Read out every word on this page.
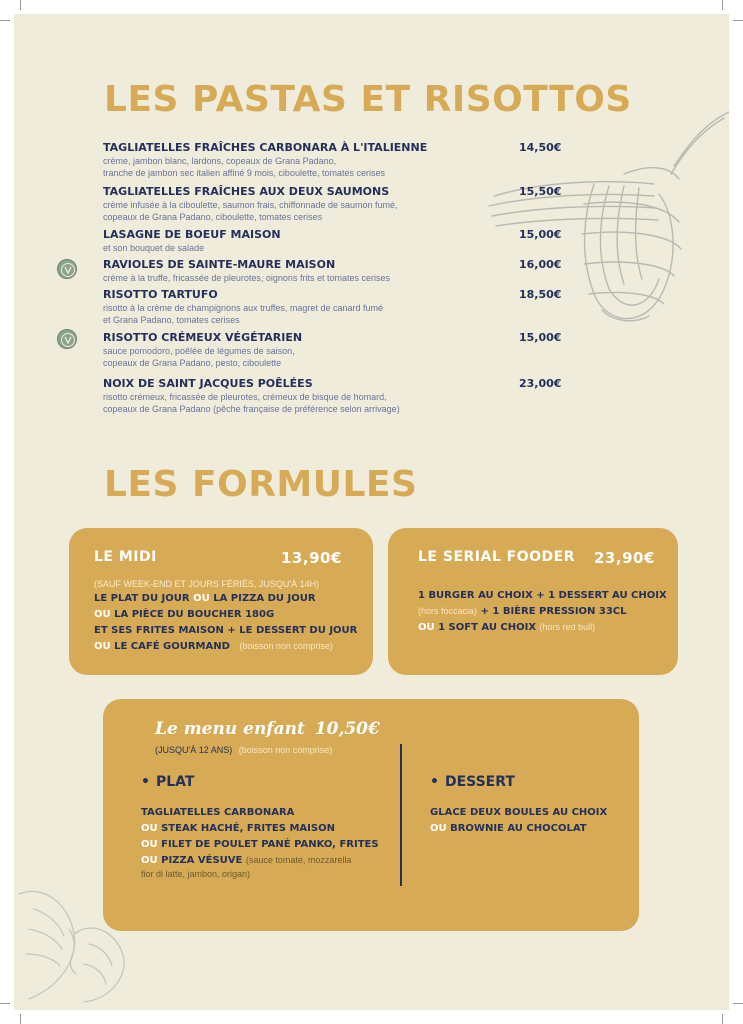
LES PASTAS ET RISOTTOS
TAGLIATELLES FRAÎCHES CARBONARA À L'ITALIENNE
crème, jambon blanc, lardons, copeaux de Grana Padano,
tranche de jambon sec italien affiné 9 mois, ciboulette, tomates cerises
14,50€
TAGLIATELLES FRAÎCHES AUX DEUX SAUMONS
crème infusée à la ciboulette, saumon frais, chiffonnade de saumon fumé,
copeaux de Grana Padano, ciboulette, tomates cerises
15,50€
LASAGNE DE BOEUF MAISON
et son bouquet de salade
15,00€
RAVIOLES DE SAINTE-MAURE MAISON
crème à la truffe, fricassée de pleurotes, oignons frits et tomates cerises
16,00€
RISOTTO TARTUFO
risotto à la crème de champignons aux truffes, magret de canard fumé
et Grana Padano, tomates cerises
18,50€
RISOTTO CRÉMEUX VÉGÉTARIEN
sauce pomodoro, poêlée de légumes de saison,
copeaux de Grana Padano, pesto, ciboulette
15,00€
NOIX DE SAINT JACQUES POÊLÉES
risotto crémeux, fricassée de pleurotes, crémeux de bisque de homard,
copeaux de Grana Padano (pêche française de préférence selon arrivage)
23,00€
LES FORMULES
LE MIDI	13,90€
(SAUF WEEK-END ET JOURS FÉRIÉS, JUSQU'À 14H)
LE PLAT DU JOUR OU LA PIZZA DU JOUR
OU LA PIÈCE DU BOUCHER 180G
ET SES FRITES MAISON + LE DESSERT DU JOUR
OU LE CAFÉ GOURMAND (boisson non comprise)
LE SERIAL FOODER 23,90€
1 BURGER AU CHOIX + 1 DESSERT AU CHOIX
(hors foccacia) + 1 BIÈRE PRESSION 33CL
OU 1 SOFT AU CHOIX (hors red bull)
Le menu enfant 10,50€
(JUSQU'À 12 ANS) (boisson non comprise)
• PLAT
TAGLIATELLES CARBONARA
OU STEAK HACHÉ, FRITES MAISON
OU FILET DE POULET PANÉ PANKO, FRITES
OU PIZZA VÉSUVE (sauce tomate, mozzarella
fior di latte, jambon, origan)
• DESSERT
GLACE DEUX BOULES AU CHOIX
OU BROWNIE AU CHOCOLAT
